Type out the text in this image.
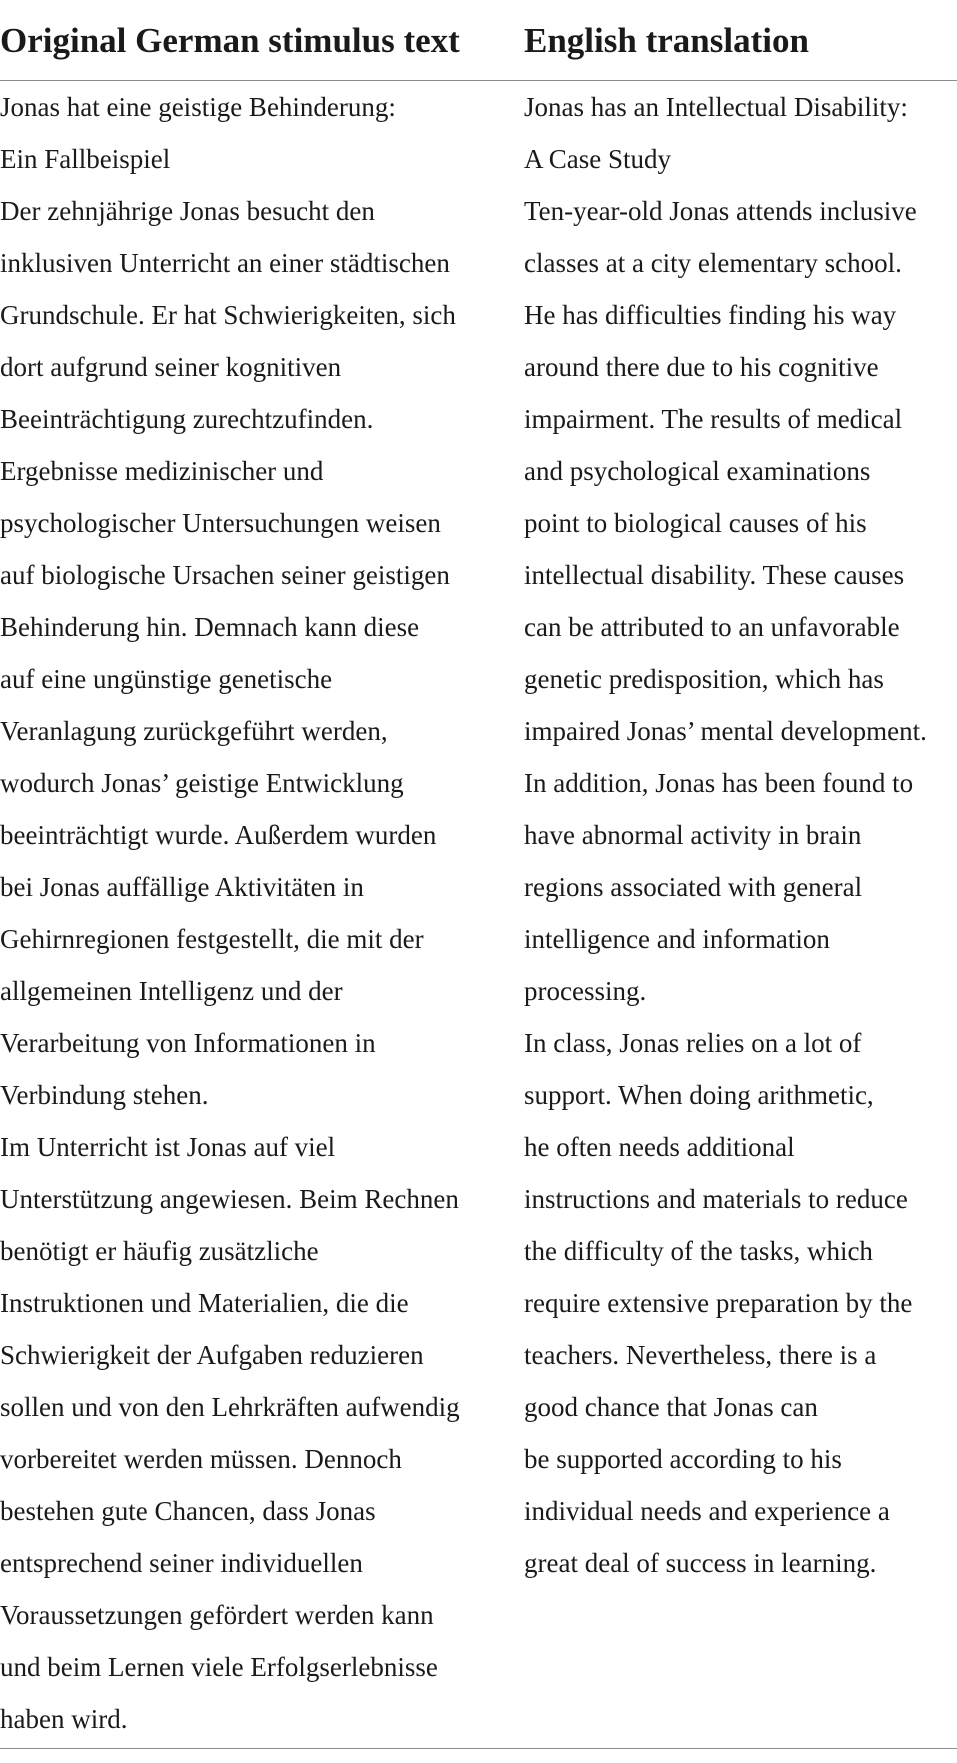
Original German stimulus text English translation
Jonas hat eine geistige Behinderung:
Ein Fallbeispiel
Der zehnjährige Jonas besucht den
inklusiven Unterricht an einer städtischen
Grundschule. Er hat Schwierigkeiten, sich
dort aufgrund seiner kognitiven
Beeinträchtigung zurechtzufinden.
Ergebnisse medizinischer und
psychologischer Untersuchungen weisen
auf biologische Ursachen seiner geistigen
Behinderung hin. Demnach kann diese
auf eine ungünstige genetische
Veranlagung zurückgeführt werden,
wodurch Jonas’ geistige Entwicklung
beeinträchtigt wurde. Außerdem wurden
bei Jonas auffällige Aktivitäten in
Gehirnregionen festgestellt, die mit der
allgemeinen Intelligenz und der
Verarbeitung von Informationen in
Verbindung stehen.
Im Unterricht ist Jonas auf viel
Unterstützung angewiesen. Beim Rechnen
benötigt er häufig zusätzliche
Instruktionen und Materialien, die die
Schwierigkeit der Aufgaben reduzieren
sollen und von den Lehrkräften aufwendig
vorbereitet werden müssen. Dennoch
bestehen gute Chancen, dass Jonas
entsprechend seiner individuellen
Voraussetzungen gefördert werden kann
und beim Lernen viele Erfolgserlebnisse
haben wird.
Jonas has an Intellectual Disability:
A Case Study
Ten-year-old Jonas attends inclusive
classes at a city elementary school.
He has difficulties finding his way
around there due to his cognitive
impairment. The results of medical
and psychological examinations
point to biological causes of his
intellectual disability. These causes
can be attributed to an unfavorable
genetic predisposition, which has
impaired Jonas’ mental development.
In addition, Jonas has been found to
have abnormal activity in brain
regions associated with general
intelligence and information
processing.
In class, Jonas relies on a lot of
support. When doing arithmetic,
he often needs additional
instructions and materials to reduce
the difficulty of the tasks, which
require extensive preparation by the
teachers. Nevertheless, there is a
good chance that Jonas can
be supported according to his
individual needs and experience a
great deal of success in learning.
